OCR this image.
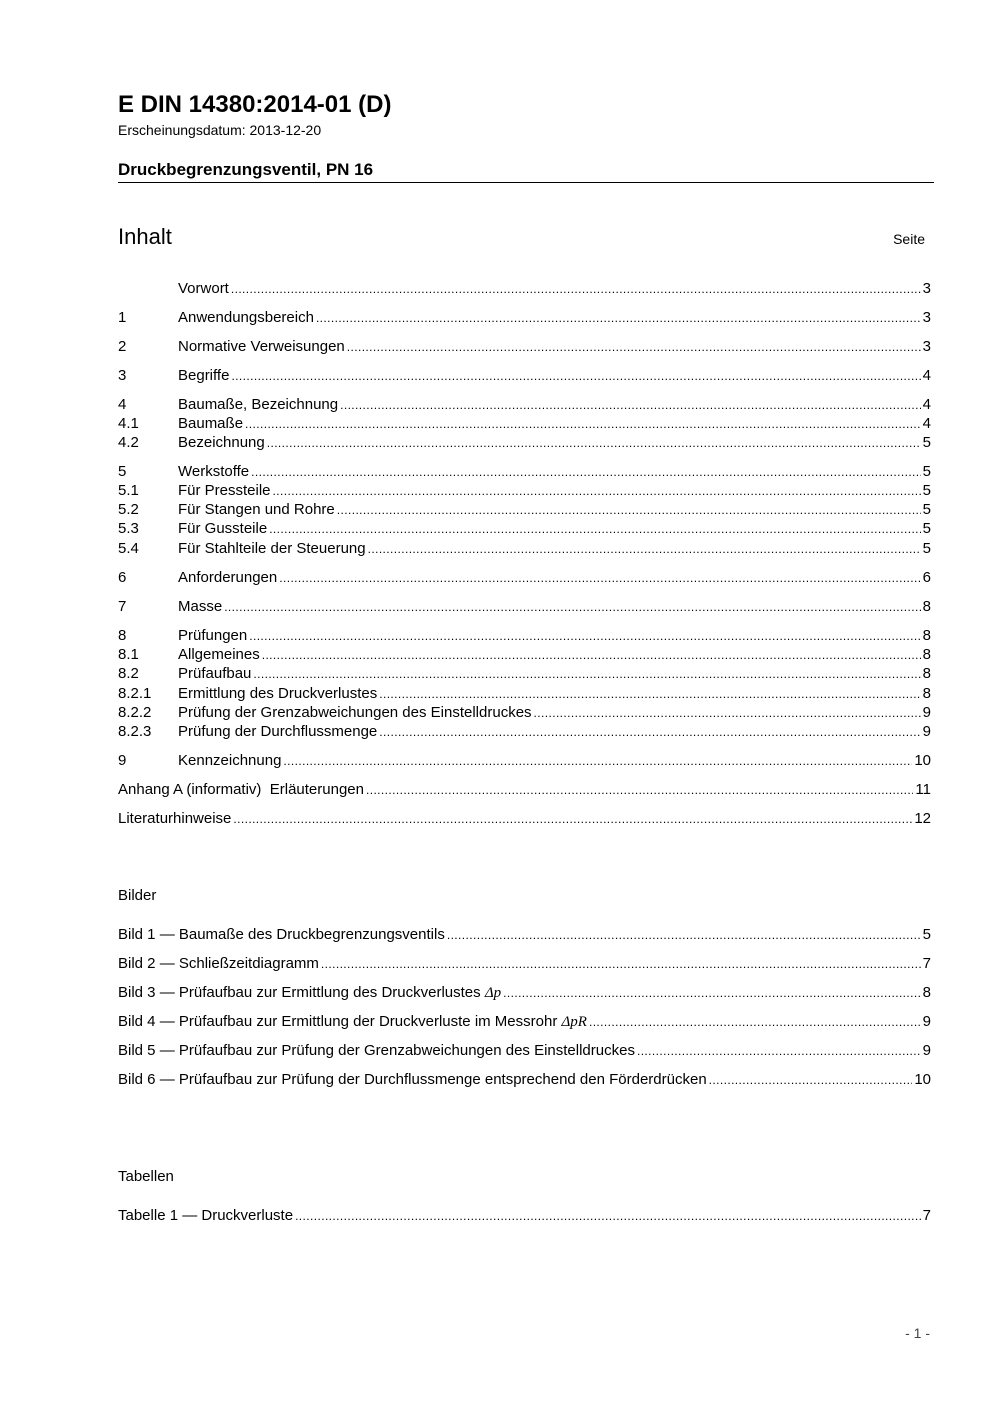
E DIN 14380:2014-01 (D)
Erscheinungsdatum: 2013-12-20
Druckbegrenzungsventil, PN 16
Inhalt	Seite
Vorwort .....	3
1	Anwendungsbereich .....	3
2	Normative Verweisungen .....	3
3	Begriffe .....	4
4	Baumaße, Bezeichnung .....	4
4.1	Baumaße .....	4
4.2	Bezeichnung .....	5
5	Werkstoffe .....	5
5.1	Für Pressteile .....	5
5.2	Für Stangen und Rohre .....	5
5.3	Für Gussteile .....	5
5.4	Für Stahlteile der Steuerung .....	5
6	Anforderungen .....	6
7	Masse .....	8
8	Prüfungen .....	8
8.1	Allgemeines .....	8
8.2	Prüfaufbau .....	8
8.2.1	Ermittlung des Druckverlustes .....	8
8.2.2	Prüfung der Grenzabweichungen des Einstelldruckes .....	9
8.2.3	Prüfung der Durchflussmenge .....	9
9	Kennzeichnung .....	10
Anhang A (informativ)  Erläuterungen .....	11
Literaturhinweise .....	12
Bilder
Bild 1 — Baumaße des Druckbegrenzungsventils .....	5
Bild 2 — Schließzeitdiagramm .....	7
Bild 3 — Prüfaufbau zur Ermittlung des Druckverlustes Δp .....	8
Bild 4 — Prüfaufbau zur Ermittlung der Druckverluste im Messrohr ΔpR .....	9
Bild 5 — Prüfaufbau zur Prüfung der Grenzabweichungen des Einstelldruckes .....	9
Bild 6 — Prüfaufbau zur Prüfung der Durchflussmenge entsprechend den Förderdrücken .....	10
Tabellen
Tabelle 1 — Druckverluste .....	7
- 1 -
